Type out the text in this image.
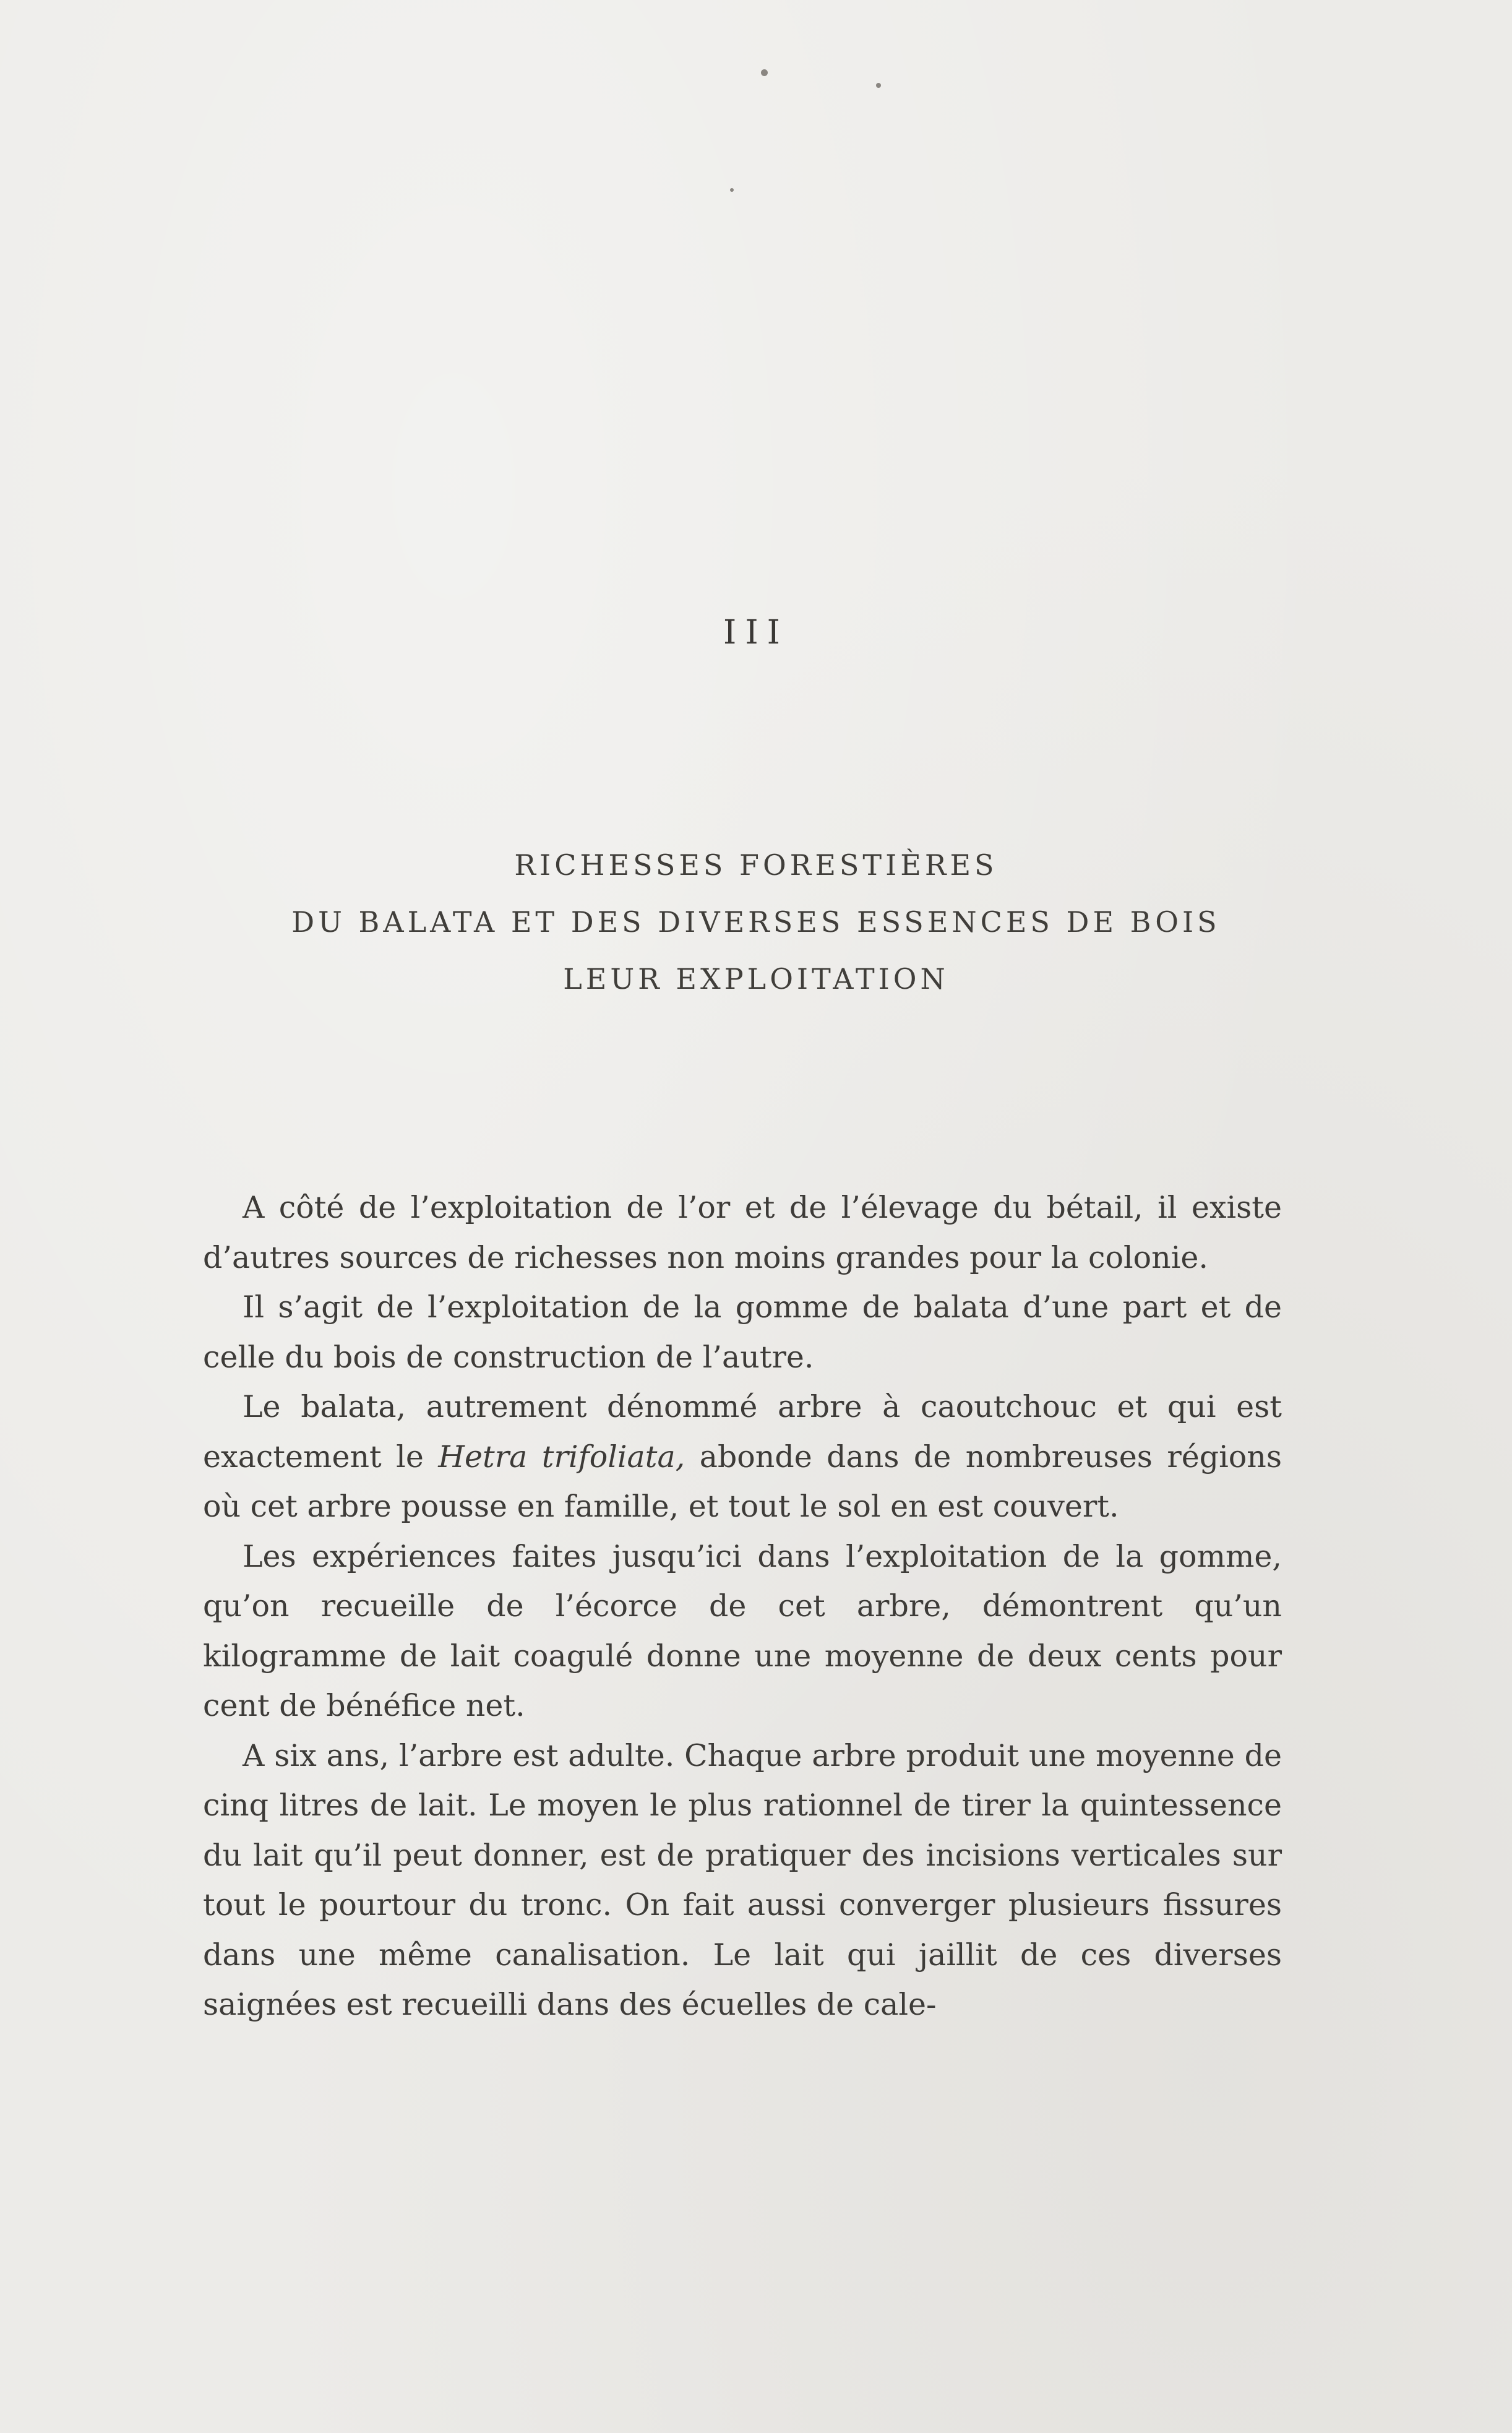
III
RICHESSES FORESTIÈRES
DU BALATA ET DES DIVERSES ESSENCES DE BOIS
LEUR EXPLOITATION

A côté de l’exploitation de l’or et de l’élevage du bétail, il existe d’autres sources de richesses non moins grandes pour la colonie.

Il s’agit de l’exploitation de la gomme de balata d’une part et de celle du bois de construction de l’autre.

Le balata, autrement dénommé arbre à caoutchouc et qui est exactement le Hetra trifoliata, abonde dans de nombreuses régions où cet arbre pousse en famille, et tout le sol en est couvert.

Les expériences faites jusqu’ici dans l’exploitation de la gomme, qu’on recueille de l’écorce de cet arbre, démontrent qu’un kilogramme de lait coagulé donne une moyenne de deux cents pour cent de bénéfice net.

A six ans, l’arbre est adulte. Chaque arbre produit une moyenne de cinq litres de lait. Le moyen le plus rationnel de tirer la quintessence du lait qu’il peut donner, est de pratiquer des incisions verticales sur tout le pourtour du tronc. On fait aussi converger plusieurs fissures dans une même canalisation. Le lait qui jaillit de ces diverses saignées est recueilli dans des écuelles de cale-
